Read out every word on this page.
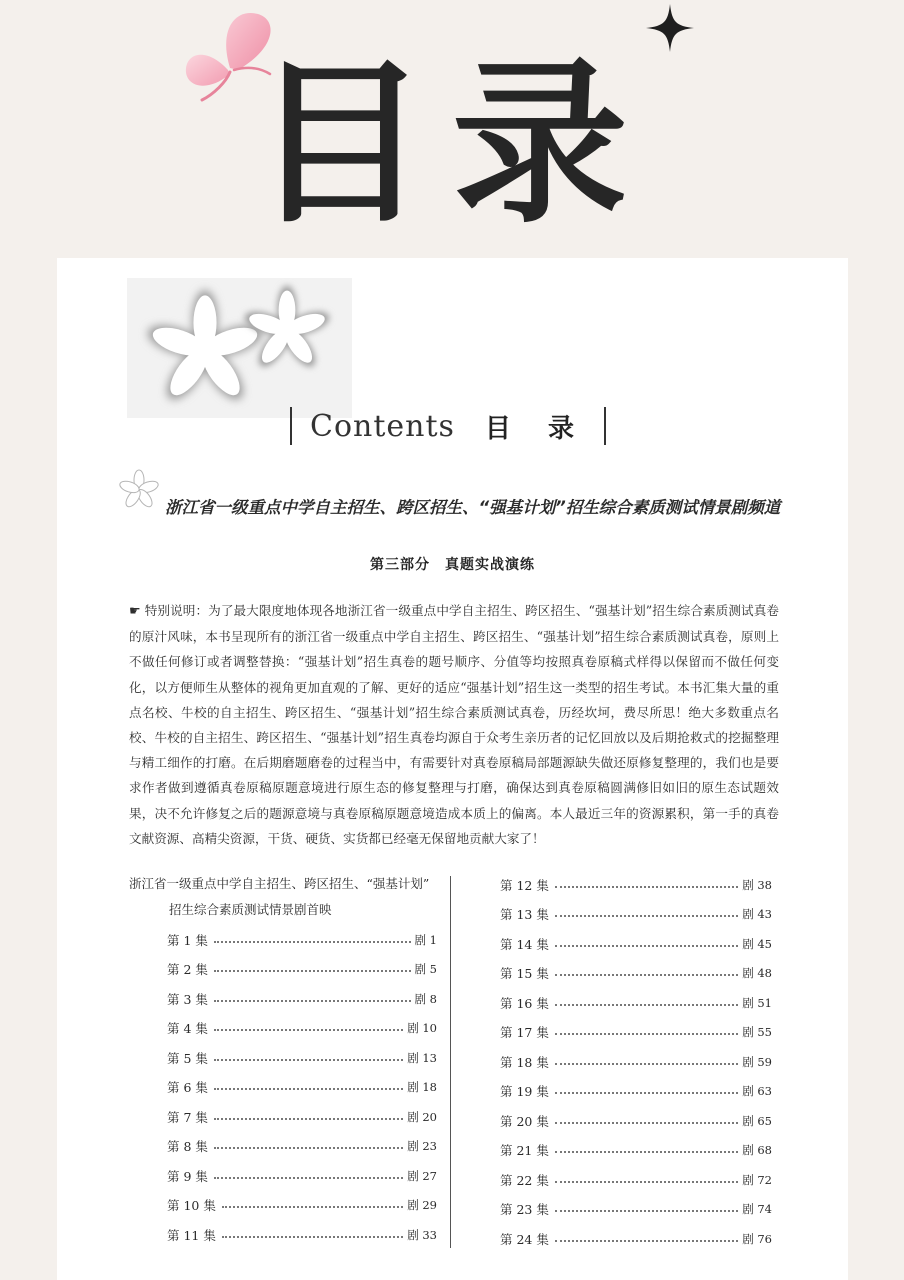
目录
Contents 目 录
浙江省一级重点中学自主招生、跨区招生、“强基计划”招生综合素质测试情景剧频道
第三部分　真题实战演练
☛ 特别说明：为了最大限度地体现各地浙江省一级重点中学自主招生、跨区招生、“强基计划”招生综合素质测试真卷的原汁风味，本书呈现所有的浙江省一级重点中学自主招生、跨区招生、“强基计划”招生综合素质测试真卷，原则上不做任何修订或者调整替换：“强基计划”招生真卷的题号顺序、分值等均按照真卷原稿式样得以保留而不做任何变化，以方便师生从整体的视角更加直观的了解、更好的适应“强基计划”招生这一类型的招生考试。本书汇集大量的重点名校、牛校的自主招生、跨区招生、“强基计划”招生综合素质测试真卷，历经坎坷，费尽所思！绝大多数重点名校、牛校的自主招生、跨区招生、“强基计划”招生真卷均源自于众考生亲历者的记忆回放以及后期抢救式的挖掘整理与精工细作的打磨。在后期磨题磨卷的过程当中，有需要针对真卷原稿局部题源缺失做还原修复整理的，我们也是要求作者做到遵循真卷原稿原题意境进行原生态的修复整理与打磨，确保达到真卷原稿圆满修旧如旧的原生态试题效果，决不允许修复之后的题源意境与真卷原稿原题意境造成本质上的偏离。本人最近三年的资源累积，第一手的真卷文献资源、高精尖资源，干货、硬货、实货都已经毫无保留地贡献大家了！
浙江省一级重点中学自主招生、跨区招生、“强基计划”
招生综合素质测试情景剧首映
第 1 集	剧 1
第 2 集	剧 5
第 3 集	剧 8
第 4 集	剧 10
第 5 集	剧 13
第 6 集	剧 18
第 7 集	剧 20
第 8 集	剧 23
第 9 集	剧 27
第 10 集	剧 29
第 11 集	剧 33
第 12 集	剧 38
第 13 集	剧 43
第 14 集	剧 45
第 15 集	剧 48
第 16 集	剧 51
第 17 集	剧 55
第 18 集	剧 59
第 19 集	剧 63
第 20 集	剧 65
第 21 集	剧 68
第 22 集	剧 72
第 23 集	剧 74
第 24 集	剧 76
